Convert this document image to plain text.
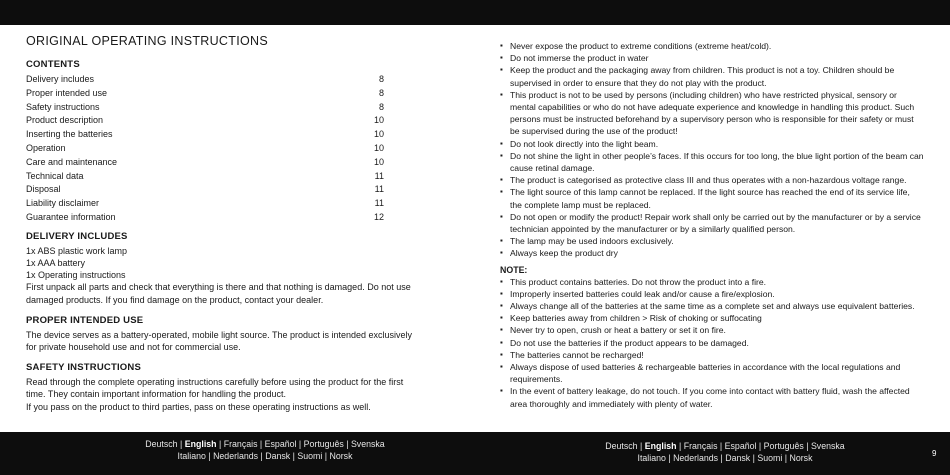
ORIGINAL OPERATING INSTRUCTIONS
CONTENTS
Delivery includes	8
Proper intended use	8
Safety instructions	8
Product description	10
Inserting the batteries	10
Operation	10
Care and maintenance	10
Technical data	11
Disposal	11
Liability disclaimer	11
Guarantee information	12
DELIVERY INCLUDES
1x ABS plastic work lamp
1x AAA battery
1x Operating instructions

First unpack all parts and check that everything is there and that nothing is damaged. Do not use damaged products. If you find damage on the product, contact your dealer.

PROPER INTENDED USE

The device serves as a battery-operated, mobile light source. The product is intended exclusively for private household use and not for commercial use.

SAFETY INSTRUCTIONS

Read through the complete operating instructions carefully before using the product for the first time. They contain important information for handling the product.

If you pass on the product to third parties, pass on these operating instructions as well.

▪ Never expose the product to extreme conditions (extreme heat/cold).
▪ Do not immerse the product in water
▪ Keep the product and the packaging away from children. This product is not a toy. Children should be supervised in order to ensure that they do not play with the product.
▪ This product is not to be used by persons (including children) who have restricted physical, sensory or mental capabilities or who do not have adequate experience and knowledge in handling this product. Such persons must be instructed beforehand by a supervisory person who is responsible for their safety or must be supervised during the use of the product!
▪ Do not look directly into the light beam.
▪ Do not shine the light in other people’s faces. If this occurs for too long, the blue light portion of the beam can cause retinal damage.
▪ The product is categorised as protective class III and thus operates with a non-hazardous voltage range.
▪ The light source of this lamp cannot be replaced. If the light source has reached the end of its service life, the complete lamp must be replaced.
▪ Do not open or modify the product! Repair work shall only be carried out by the manufacturer or by a service technician appointed by the manufacturer or by a similarly qualified person.
▪ The lamp may be used indoors exclusively.
▪ Always keep the product dry
NOTE:
▪ This product contains batteries. Do not throw the product into a fire.
▪ Improperly inserted batteries could leak and/or cause a fire/explosion.
▪ Always change all of the batteries at the same time as a complete set and always use equivalent batteries.
▪ Keep batteries away from children > Risk of choking or suffocating
▪ Never try to open, crush or heat a battery or set it on fire.
▪ Do not use the batteries if the product appears to be damaged.
▪ The batteries cannot be recharged!
▪ Always dispose of used batteries & rechargeable batteries in accordance with the local regulations and requirements.
▪ In the event of battery leakage, do not touch. If you come into contact with battery fluid, wash the affected area thoroughly and immediately with plenty of water.
Deutsch | English | Français | Español | Português | Svenska
Italiano | Nederlands | Dansk | Suomi | Norsk
Deutsch | English | Français | Español | Português | Svenska
Italiano | Nederlands | Dansk | Suomi | Norsk	9
